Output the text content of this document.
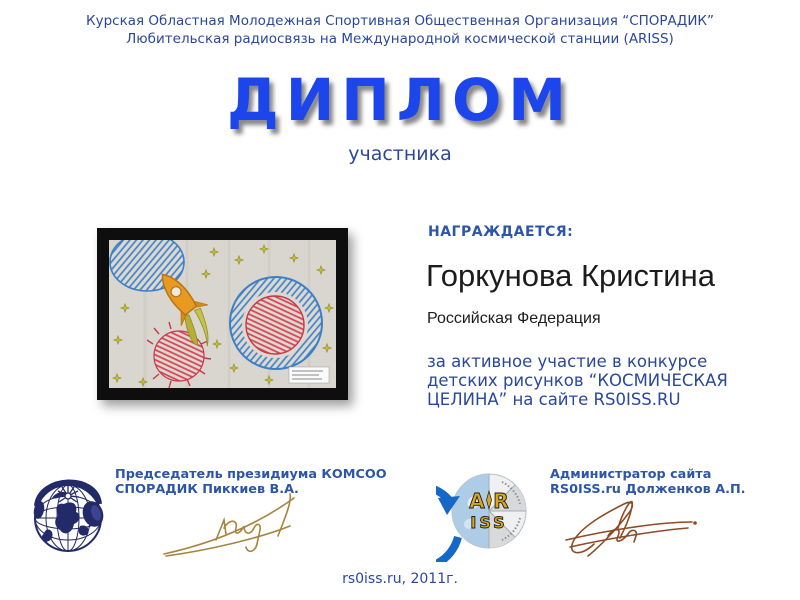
Курская Областная Молодежная Спортивная Общественная Организация “СПОРАДИК”
Любительская радиосвязь на Международной космической станции (ARISS)
ДИПЛОМ
участника
НАГРАЖДАЕТСЯ:
Горкунова Кристина
Российская Федерация
за активное участие в конкурсе
детских рисунков “КОСМИЧЕСКАЯ
ЦЕЛИНА” на сайте RS0ISS.RU
Председатель президиума КОМСОО
СПОРАДИК Пиккиев В.А.	A R
ISS
Администратор сайта
RS0ISS.ru Долженков А.П.
rs0iss.ru, 2011г.
